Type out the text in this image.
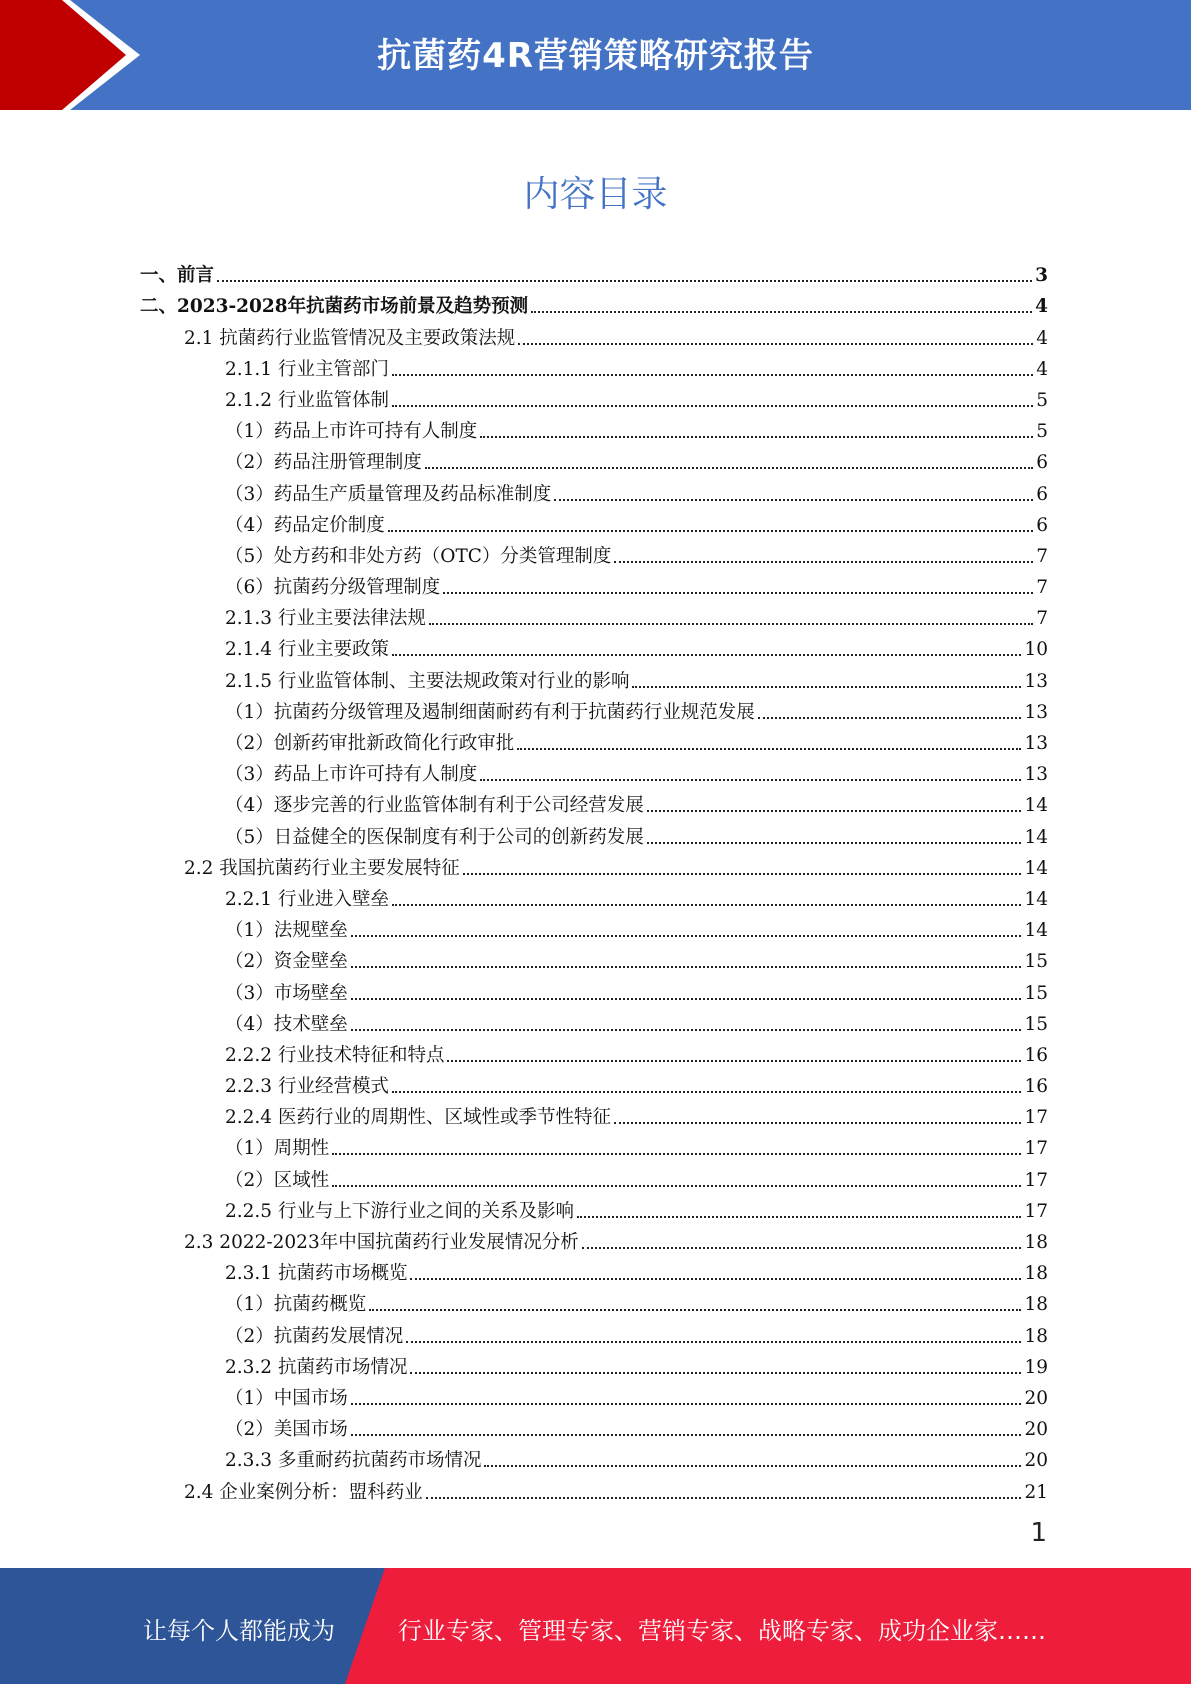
抗菌药4R营销策略研究报告
内容目录
一、前言	3
二、2023-2028年抗菌药市场前景及趋势预测	4
2.1 抗菌药行业监管情况及主要政策法规	4
2.1.1 行业主管部门	4
2.1.2 行业监管体制	5
（1）药品上市许可持有人制度	5
（2）药品注册管理制度	6
（3）药品生产质量管理及药品标准制度	6
（4）药品定价制度	6
（5）处方药和非处方药（OTC）分类管理制度	7
（6）抗菌药分级管理制度	7
2.1.3 行业主要法律法规	7
2.1.4 行业主要政策	10
2.1.5 行业监管体制、主要法规政策对行业的影响	13
（1）抗菌药分级管理及遏制细菌耐药有利于抗菌药行业规范发展	13
（2）创新药审批新政简化行政审批	13
（3）药品上市许可持有人制度	13
（4）逐步完善的行业监管体制有利于公司经营发展	14
（5）日益健全的医保制度有利于公司的创新药发展	14
2.2 我国抗菌药行业主要发展特征	14
2.2.1 行业进入壁垒	14
（1）法规壁垒	14
（2）资金壁垒	15
（3）市场壁垒	15
（4）技术壁垒	15
2.2.2 行业技术特征和特点	16
2.2.3 行业经营模式	16
2.2.4 医药行业的周期性、区域性或季节性特征	17
（1）周期性	17
（2）区域性	17
2.2.5 行业与上下游行业之间的关系及影响	17
2.3 2022-2023年中国抗菌药行业发展情况分析	18
2.3.1 抗菌药市场概览	18
（1）抗菌药概览	18
（2）抗菌药发展情况	18
2.3.2 抗菌药市场情况	19
（1）中国市场	20
（2）美国市场	20
2.3.3 多重耐药抗菌药市场情况	20
2.4 企业案例分析：盟科药业	21
1
让每个人都能成为	行业专家、管理专家、营销专家、战略专家、成功企业家……
